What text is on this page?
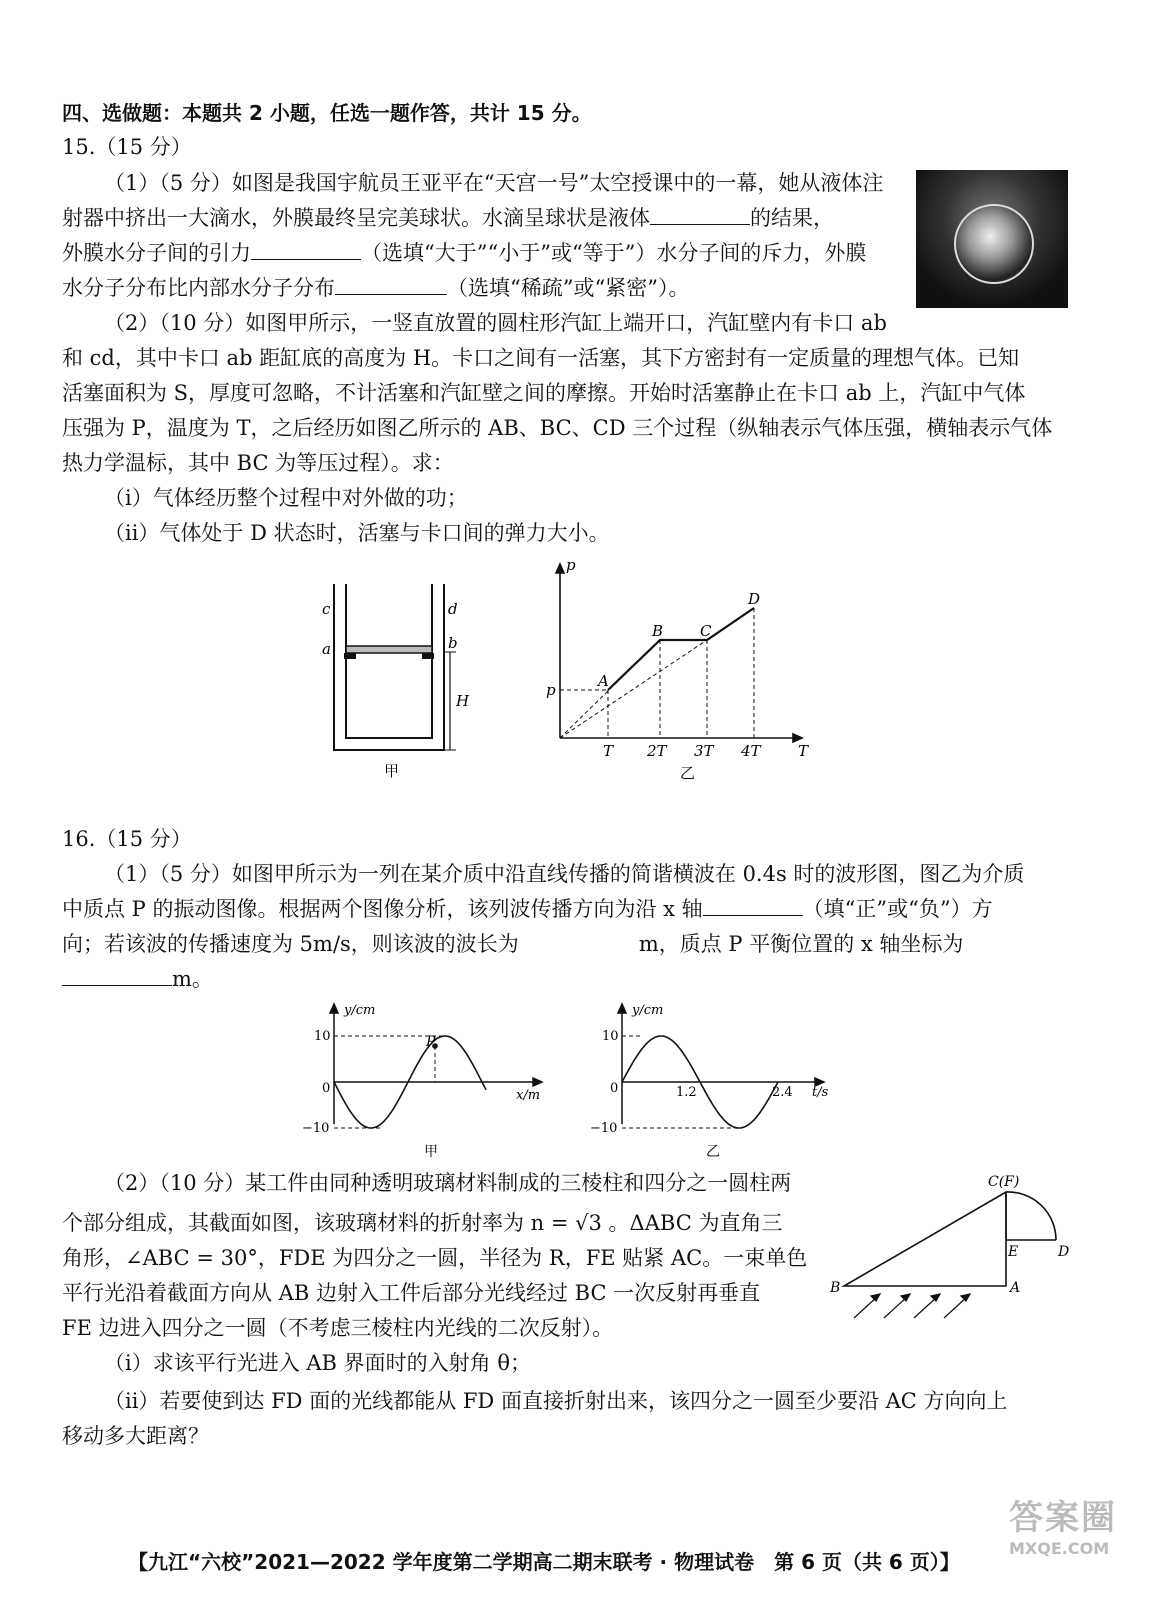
四、选做题：本题共 2 小题，任选一题作答，共计 15 分。
15.（15 分）
（1）（5 分）如图是我国宇航员王亚平在“天宫一号”太空授课中的一幕，她从液体注
射器中挤出一大滴水，外膜最终呈完美球状。水滴呈球状是液体	的结果，
外膜水分子间的引力	（选填“大于”“小于”或“等于”）水分子间的斥力，外膜
水分子分布比内部水分子分布	（选填“稀疏”或“紧密”）。
（2）（10 分）如图甲所示，一竖直放置的圆柱形汽缸上端开口，汽缸壁内有卡口 ab
和 cd，其中卡口 ab 距缸底的高度为 H。卡口之间有一活塞，其下方密封有一定质量的理想气体。已知
活塞面积为 S，厚度可忽略，不计活塞和汽缸壁之间的摩擦。开始时活塞静止在卡口 ab 上，汽缸中气体
压强为 P，温度为 T，之后经历如图乙所示的 AB、BC、CD 三个过程（纵轴表示气体压强，横轴表示气体
热力学温标，其中 BC 为等压过程）。求：
（ⅰ）气体经历整个过程中对外做的功；
（ⅱ）气体处于 D 状态时，活塞与卡口间的弹力大小。
c	d
a	b
H
甲
p
T
p	A
B C
D
T 2T 3T 4T
乙
16.（15 分）
（1）（5 分）如图甲所示为一列在某介质中沿直线传播的简谐横波在 0.4s 时的波形图，图乙为介质
中质点 P 的振动图像。根据两个图像分析，该列波传播方向为沿 x 轴	（填“正”或“负”）方
向；若该波的传播速度为 5m/s，则该波的波长为	m，质点 P 平衡位置的 x 轴坐标为
m。
P
y/cm
x/m
10
0
−10
甲
y/cm
t/s
10
0
−10
1.2	2.4
乙
（2）（10 分）某工件由同种透明玻璃材料制成的三棱柱和四分之一圆柱两
个部分组成，其截面如图，该玻璃材料的折射率为 n = √3 。ΔABC 为直角三
角形，∠ABC = 30°，FDE 为四分之一圆，半径为 R，FE 贴紧 AC。一束单色
平行光沿着截面方向从 AB 边射入工件后部分光线经过 BC 一次反射再垂直
FE 边进入四分之一圆（不考虑三棱柱内光线的二次反射）。
（ⅰ）求该平行光进入 AB 界面时的入射角 θ；
（ⅱ）若要使到达 FD 面的光线都能从 FD 面直接折射出来，该四分之一圆至少要沿 AC 方向向上
移动多大距离？
C(F)
E	D
B	A
【九江“六校”2021—2022 学年度第二学期高二期末联考 · 物理试卷　第 6 页（共 6 页）】
答案圈
MXQE.COM
